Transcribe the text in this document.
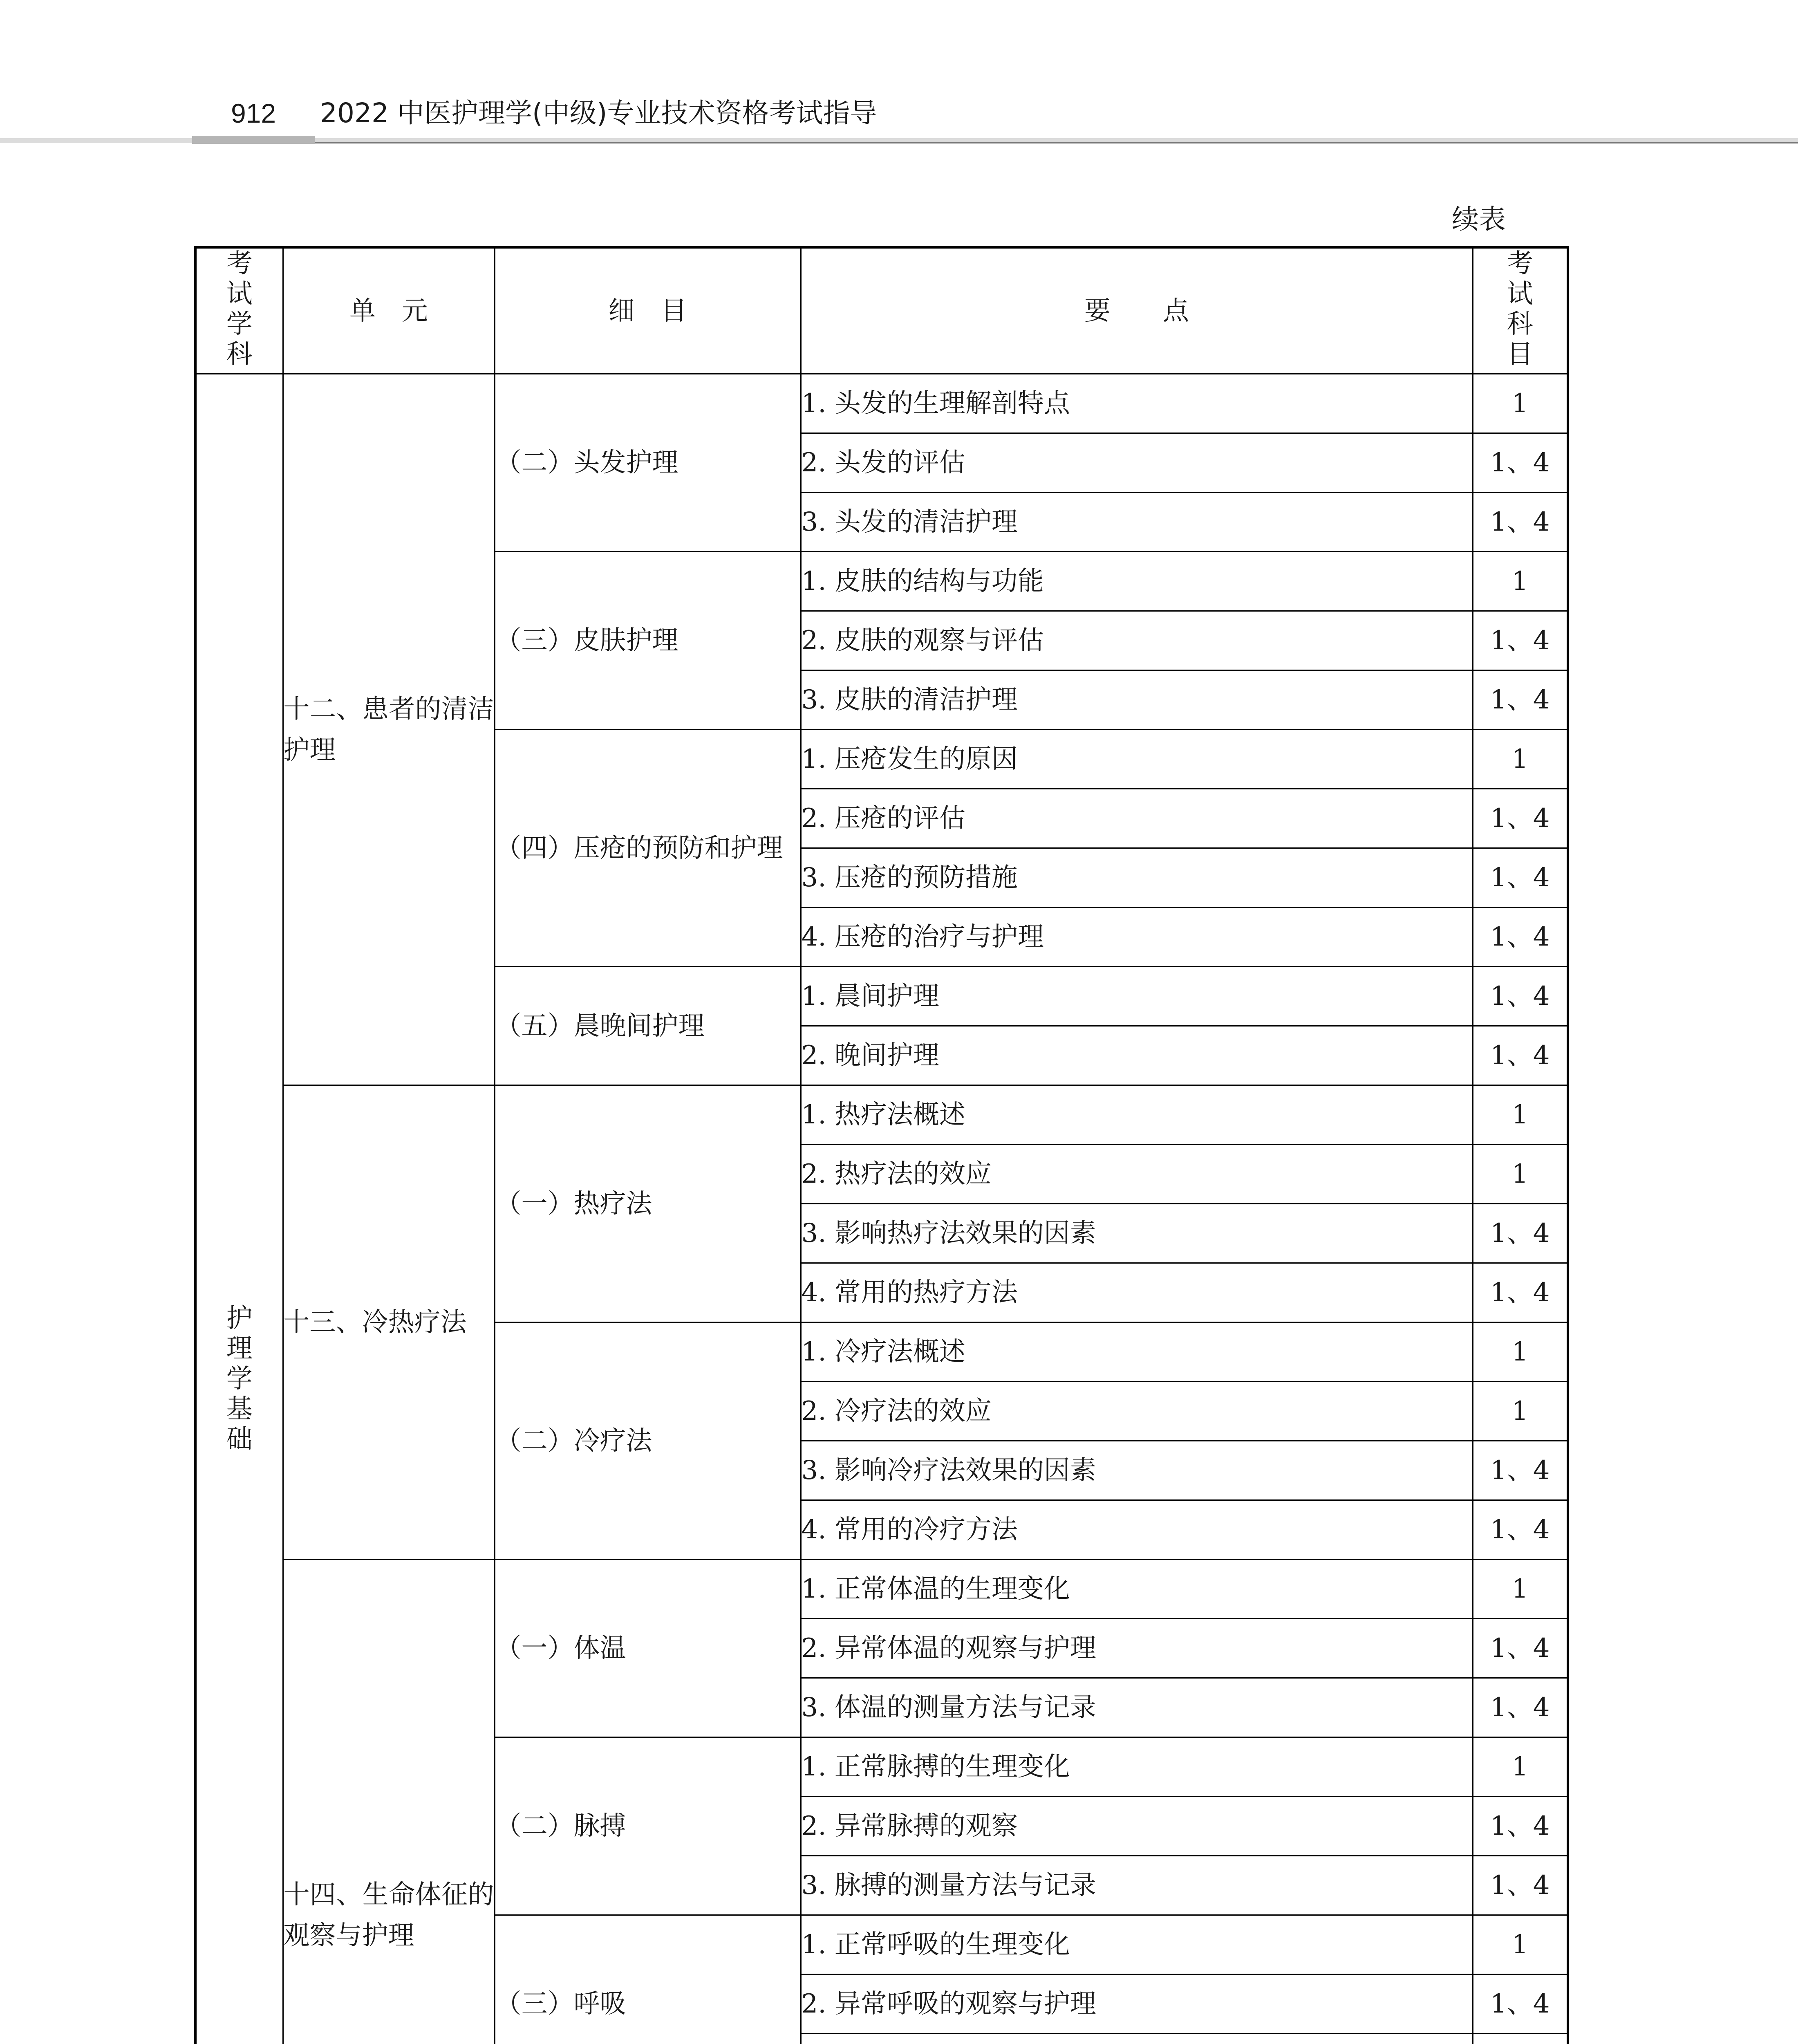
912 2022 中医护理学(中级)专业技术资格考试指导
续表
考试学科	单　元	细　目	要　　点	考试科目
护理学基础	十二、患者的清洁护理	（二）头发护理	1. 头发的生理解剖特点	1
			2. 头发的评估	1、4
			3. 头发的清洁护理	1、4
		（三）皮肤护理	1. 皮肤的结构与功能	1
			2. 皮肤的观察与评估	1、4
			3. 皮肤的清洁护理	1、4
		（四）压疮的预防和护理	1. 压疮发生的原因	1
			2. 压疮的评估	1、4
			3. 压疮的预防措施	1、4
			4. 压疮的治疗与护理	1、4
		（五）晨晚间护理	1. 晨间护理	1、4
			2. 晚间护理	1、4
	十三、冷热疗法	（一）热疗法	1. 热疗法概述	1
			2. 热疗法的效应	1
			3. 影响热疗法效果的因素	1、4
			4. 常用的热疗方法	1、4
		（二）冷疗法	1. 冷疗法概述	1
			2. 冷疗法的效应	1
			3. 影响冷疗法效果的因素	1、4
			4. 常用的冷疗方法	1、4
	十四、生命体征的观察与护理	（一）体温	1. 正常体温的生理变化	1
			2. 异常体温的观察与护理	1、4
			3. 体温的测量方法与记录	1、4
		（二）脉搏	1. 正常脉搏的生理变化	1
			2. 异常脉搏的观察	1、4
			3. 脉搏的测量方法与记录	1、4
		（三）呼吸	1. 正常呼吸的生理变化	1
			2. 异常呼吸的观察与护理	1、4
